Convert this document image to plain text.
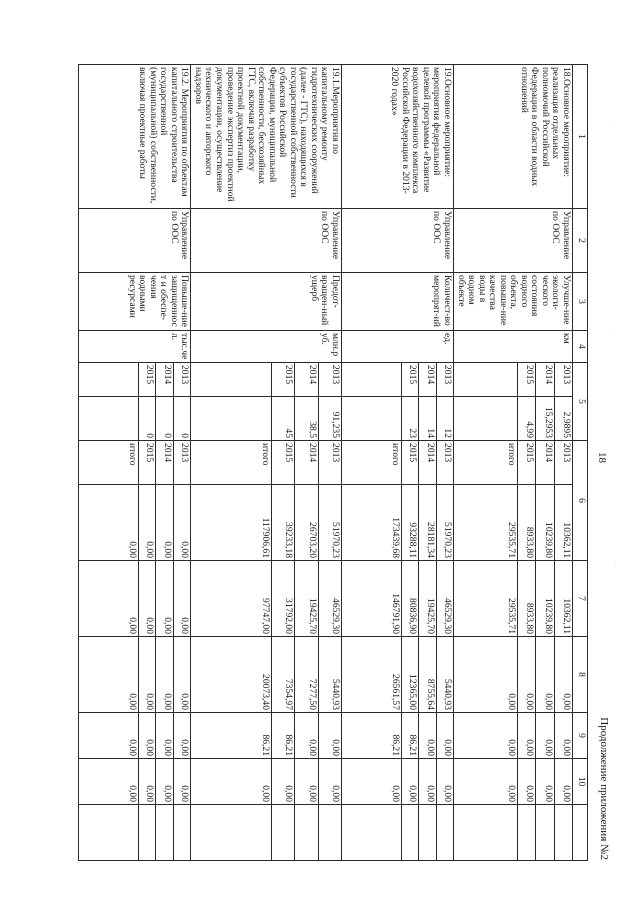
18
Продолжение приложения №2
1	2	3	4	5		6		7	8	9	10	
18.Основное мероприятие: реализация отдельных полномочий Российской Федерации в области водных отношений	Управление по ООС	Улучше-ние экологи-ческого состояния водного объекта, повыше-ние качества воды в водном объекте	км	2013	2,9895	2013	10362,11	10362,11	0,00	0,00	0,00	
				2014	15,2953	2014	10239,80	10239,80	0,00	0,00	0,00	
				2015	4,99	2015	8933,80	8933,80	0,00	0,00	0,00	
						итого	29535,71	29535,71	0,00	0,00	0,00	
19.Основное мероприятие: мероприятия федеральной целевой программы «Развитие водохозяйственного комплекса Российской Федерации в 2013-2020 годах»	Управление по ООС	Количест-во меропрят-ий	ед.	2013	12	2013	51970,23	46529,30	5440,93	0,00	0,00	
				2014	14	2014	28181,34	19425,70	8755,64	0,00	0,00	
				2015	23	2015	93288,11	80836,90	12365,00	86,21	0,00	
						итого	173439,68	146791,90	26561,57	86,21	0,00	
19.1.Мероприятия по капитальному ремонту гидротехнических сооружений (далее - ГТС), находящихся в государственной собственности субъектов Российской Федерации, муниципальной собственности, бесхозяйных ГТС, включая разработку проектной документации, проведение экспертиз проектной документации, осуществление технического и авторского надзоров	Управление по ООС	Предот-вращен-ный ущерб	млн.руб.	2013	91,235	2013	51970,23	46529,30	5440,93	0,00	0,00	
				2014	38,5	2014	26703,20	19425,70	7277,50	0,00	0,00	
				2015	45	2015	39233,18	31792,00	7354,97	86,21	0,00	
						итого	117906,61	97747,00	20073,40	86,21	0,00	
19.2. Мероприятия по объектам капитального строительства государственной (муниципальной) собственности, включая проектные работы	Управление по ООС	Повыше-ние защищенност и обеспе-чения водными ресурсами	тыс.чел.	2013	0	2013	0,00	0,00	0,00	0,00	0,00	
				2014	0	2014	0,00	0,00	0,00	0,00	0,00	
				2015	0	2015	0,00	0,00	0,00	0,00	0,00	
						итого	0,00	0,00	0,00	0,00	0,00	
·
·
·
